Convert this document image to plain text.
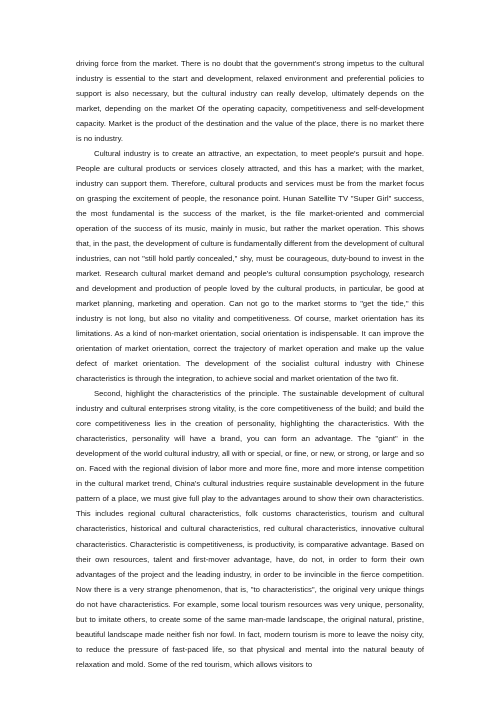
driving force from the market. There is no doubt that the government's strong impetus to the cultural industry is essential to the start and development, relaxed environment and preferential policies to support is also necessary, but the cultural industry can really develop, ultimately depends on the market, depending on the market Of the operating capacity, competitiveness and self-development capacity. Market is the product of the destination and the value of the place, there is no market there is no industry.

Cultural industry is to create an attractive, an expectation, to meet people's pursuit and hope. People are cultural products or services closely attracted, and this has a market; with the market, industry can support them. Therefore, cultural products and services must be from the market focus on grasping the excitement of people, the resonance point. Hunan Satellite TV "Super Girl" success, the most fundamental is the success of the market, is the file market-oriented and commercial operation of the success of its music, mainly in music, but rather the market operation. This shows that, in the past, the development of culture is fundamentally different from the development of cultural industries, can not "still hold partly concealed," shy, must be courageous, duty-bound to invest in the market. Research cultural market demand and people's cultural consumption psychology, research and development and production of people loved by the cultural products, in particular, be good at market planning, marketing and operation. Can not go to the market storms to "get the tide," this industry is not long, but also no vitality and competitiveness. Of course, market orientation has its limitations. As a kind of non-market orientation, social orientation is indispensable. It can improve the orientation of market orientation, correct the trajectory of market operation and make up the value defect of market orientation. The development of the socialist cultural industry with Chinese characteristics is through the integration, to achieve social and market orientation of the two fit.

Second, highlight the characteristics of the principle. The sustainable development of cultural industry and cultural enterprises strong vitality, is the core competitiveness of the build; and build the core competitiveness lies in the creation of personality, highlighting the characteristics. With the characteristics, personality will have a brand, you can form an advantage. The "giant" in the development of the world cultural industry, all with or special, or fine, or new, or strong, or large and so on. Faced with the regional division of labor more and more fine, more and more intense competition in the cultural market trend, China's cultural industries require sustainable development in the future pattern of a place, we must give full play to the advantages around to show their own characteristics. This includes regional cultural characteristics, folk customs characteristics, tourism and cultural characteristics, historical and cultural characteristics, red cultural characteristics, innovative cultural characteristics. Characteristic is competitiveness, is productivity, is comparative advantage. Based on their own resources, talent and first-mover advantage, have, do not, in order to form their own advantages of the project and the leading industry, in order to be invincible in the fierce competition. Now there is a very strange phenomenon, that is, "to characteristics", the original very unique things do not have characteristics. For example, some local tourism resources was very unique, personality, but to imitate others, to create some of the same man-made landscape, the original natural, pristine, beautiful landscape made neither fish nor fowl. In fact, modern tourism is more to leave the noisy city, to reduce the pressure of fast-paced life, so that physical and mental into the natural beauty of relaxation and mold. Some of the red tourism, which allows visitors to
